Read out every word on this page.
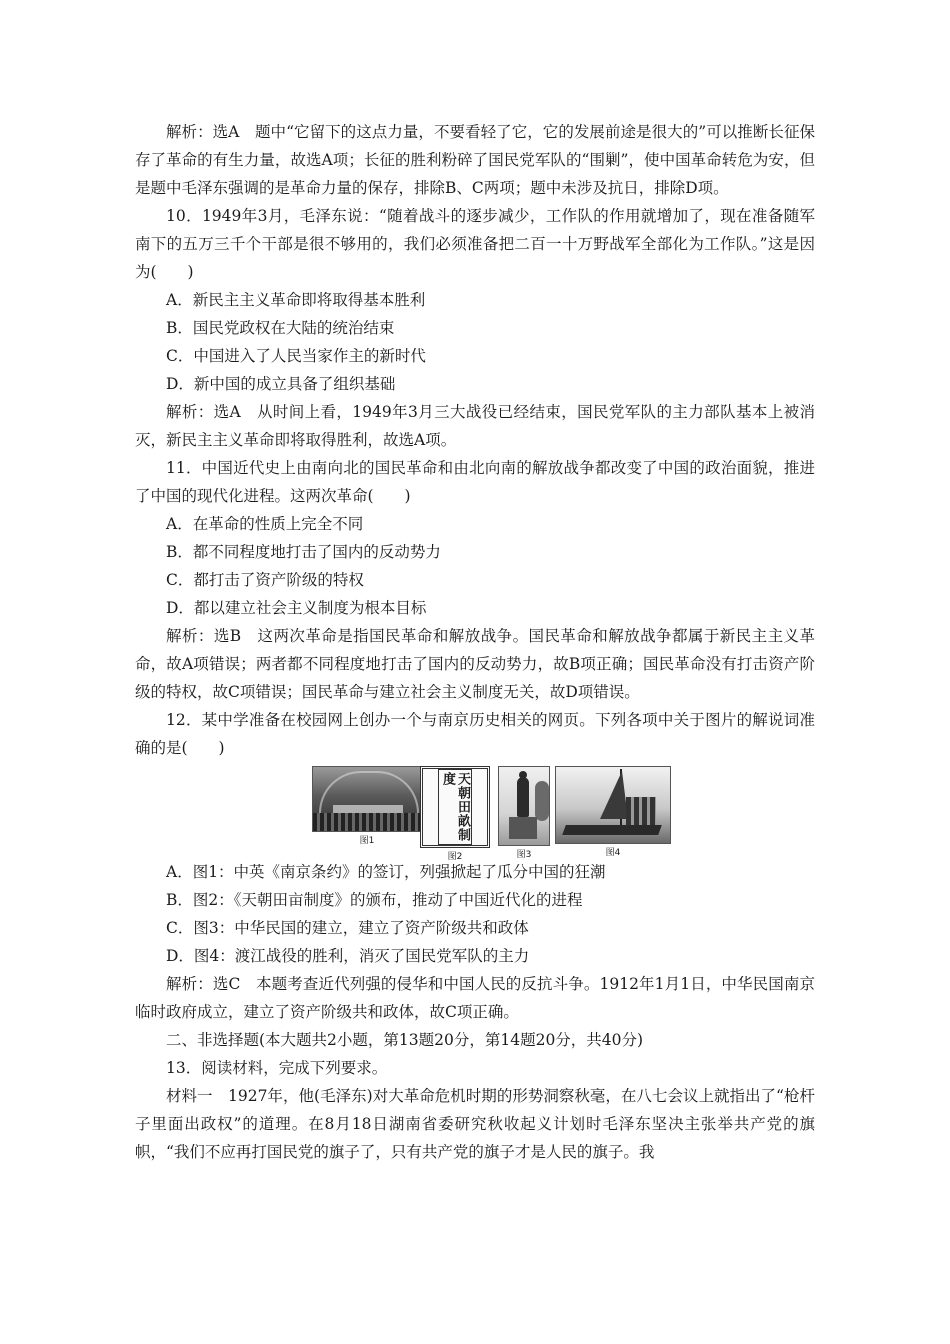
解析：选A　题中“它留下的这点力量，不要看轻了它，它的发展前途是很大的”可以推断长征保存了革命的有生力量，故选A项；长征的胜利粉碎了国民党军队的“围剿”，使中国革命转危为安，但是题中毛泽东强调的是革命力量的保存，排除B、C两项；题中未涉及抗日，排除D项。

10．1949年3月，毛泽东说：“随着战斗的逐步减少，工作队的作用就增加了，现在准备随军南下的五万三千个干部是很不够用的，我们必须准备把二百一十万野战军全部化为工作队。”这是因为(　　)

A．新民主主义革命即将取得基本胜利

B．国民党政权在大陆的统治结束

C．中国进入了人民当家作主的新时代

D．新中国的成立具备了组织基础

解析：选A　从时间上看，1949年3月三大战役已经结束，国民党军队的主力部队基本上被消灭，新民主主义革命即将取得胜利，故选A项。

11．中国近代史上由南向北的国民革命和由北向南的解放战争都改变了中国的政治面貌，推进了中国的现代化进程。这两次革命(　　)

A．在革命的性质上完全不同

B．都不同程度地打击了国内的反动势力

C．都打击了资产阶级的特权

D．都以建立社会主义制度为根本目标

解析：选B　这两次革命是指国民革命和解放战争。国民革命和解放战争都属于新民主主义革命，故A项错误；两者都不同程度地打击了国内的反动势力，故B项正确；国民革命没有打击资产阶级的特权，故C项错误；国民革命与建立社会主义制度无关，故D项错误。

12．某中学准备在校园网上创办一个与南京历史相关的网页。下列各项中关于图片的解说词准确的是(　　)

图1	天朝田畝制度
图2	图3	图4

A．图1：中英《南京条约》的签订，列强掀起了瓜分中国的狂潮

B．图2：《天朝田亩制度》的颁布，推动了中国近代化的进程

C．图3：中华民国的建立，建立了资产阶级共和政体

D．图4：渡江战役的胜利，消灭了国民党军队的主力

解析：选C　本题考查近代列强的侵华和中国人民的反抗斗争。1912年1月1日，中华民国南京临时政府成立，建立了资产阶级共和政体，故C项正确。

二、非选择题(本大题共2小题，第13题20分，第14题20分，共40分)

13．阅读材料，完成下列要求。

材料一　1927年，他(毛泽东)对大革命危机时期的形势洞察秋毫，在八七会议上就指出了“枪杆子里面出政权”的道理。在8月18日湖南省委研究秋收起义计划时毛泽东坚决主张举共产党的旗帜，“我们不应再打国民党的旗子了，只有共产党的旗子才是人民的旗子。我
